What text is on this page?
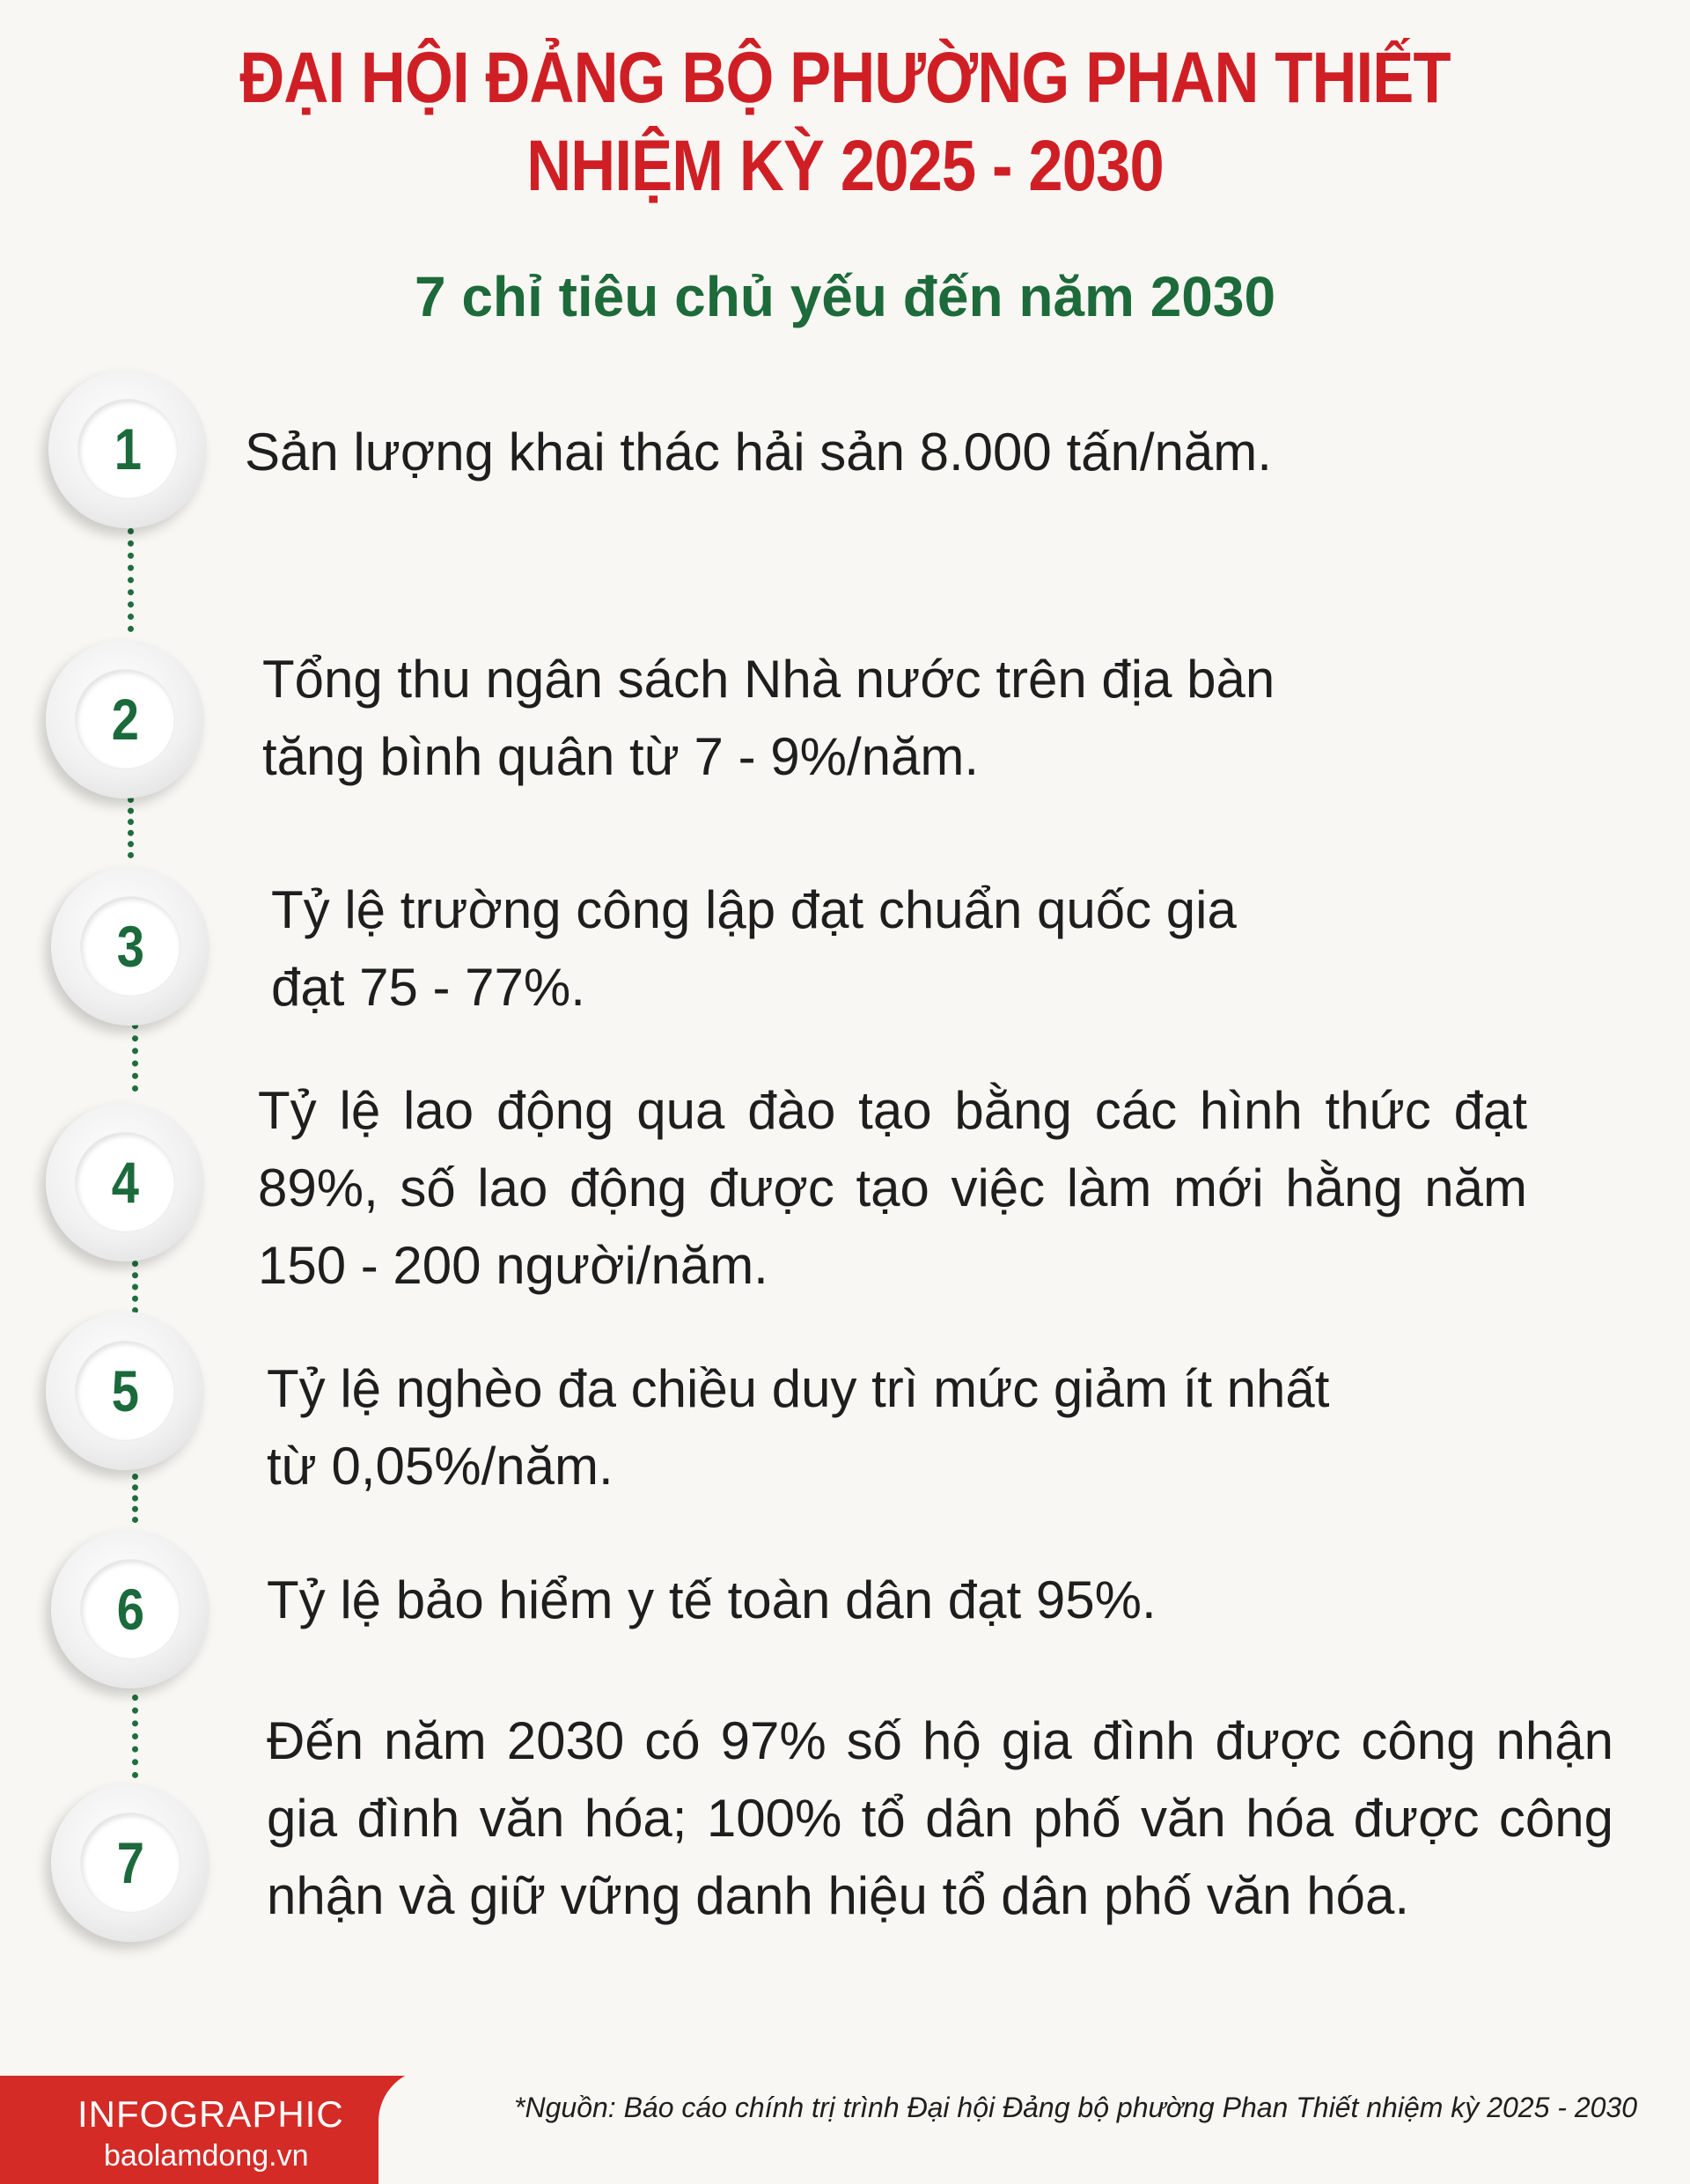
ĐẠI HỘI ĐẢNG BỘ PHƯỜNG PHAN THIẾT
NHIỆM KỲ 2025 - 2030
7 chỉ tiêu chủ yếu đến năm 2030
1 Sản lượng khai thác hải sản 8.000 tấn/năm.
2
Tổng thu ngân sách Nhà nước trên địa bàn
tăng bình quân từ 7 - 9%/năm.
3
Tỷ lệ trường công lập đạt chuẩn quốc gia
đạt 75 - 77%.
4
Tỷ lệ lao động qua đào tạo bằng các hình thức đạt 89%, số lao động được tạo việc làm mới hằng năm 150 - 200 người/năm.
5 Tỷ lệ nghèo đa chiều duy trì mức giảm ít nhất
từ 0,05%/năm.
6 Tỷ lệ bảo hiểm y tế toàn dân đạt 95%.
7
Đến năm 2030 có 97% số hộ gia đình được công nhận gia đình văn hóa; 100% tổ dân phố văn hóa được công nhận và giữ vững danh hiệu tổ dân phố văn hóa.

INFOGRAPHIC

baolamdong.vn

*Nguồn: Báo cáo chính trị trình Đại hội Đảng bộ phường Phan Thiết nhiệm kỳ 2025 - 2030
